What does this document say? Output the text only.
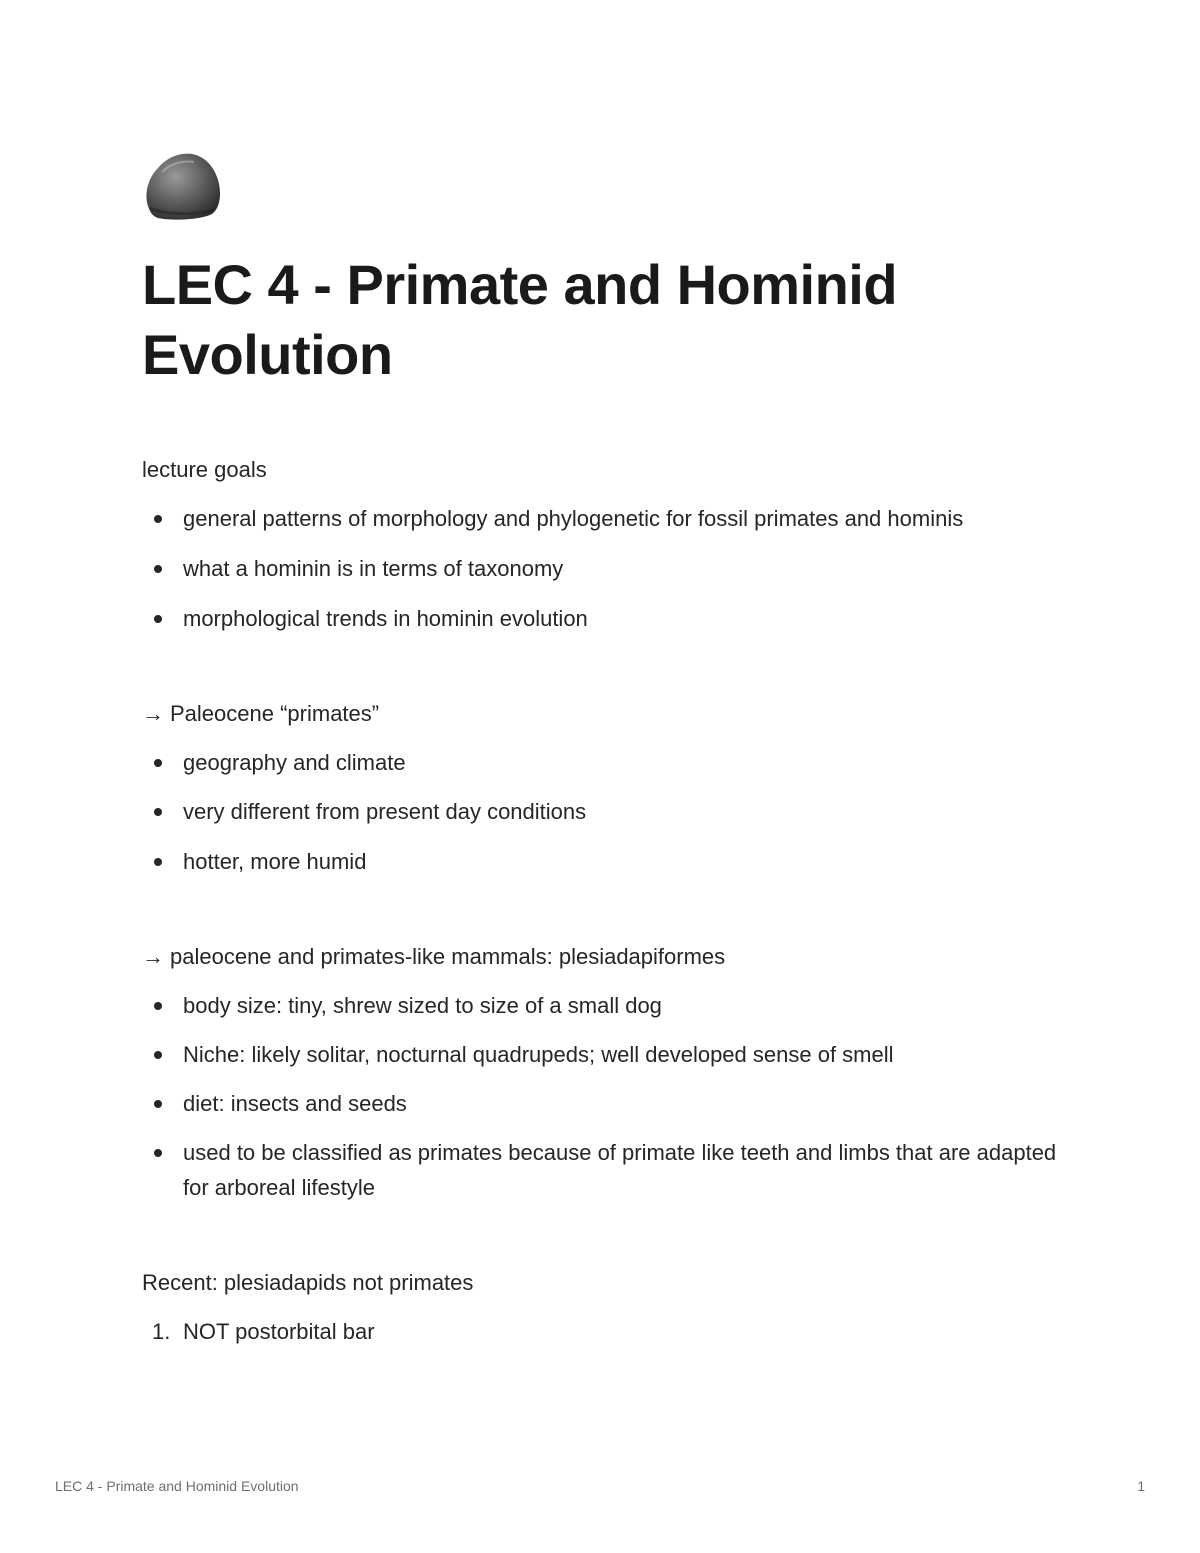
LEC 4 - Primate and Hominid Evolution

lecture goals

general patterns of morphology and phylogenetic for fossil primates and hominis
what a hominin is in terms of taxonomy
morphological trends in hominin evolution

→ Paleocene “primates”

geography and climate
very different from present day conditions
hotter, more humid

→ paleocene and primates-like mammals: plesiadapiformes

body size: tiny, shrew sized to size of a small dog
Niche: likely solitar, nocturnal quadrupeds; well developed sense of smell
diet: insects and seeds
used to be classified as primates because of primate like teeth and limbs that are adapted for arboreal lifestyle

Recent: plesiadapids not primates

1. NOT postorbital bar
LEC 4 - Primate and Hominid Evolution	1
